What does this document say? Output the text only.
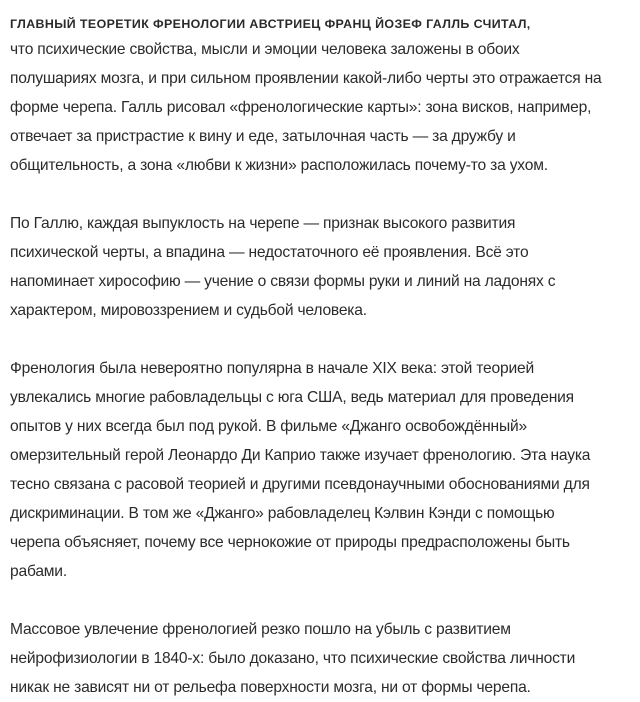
ГЛАВНЫЙ ТЕОРЕТИК ФРЕНОЛОГИИ АВСТРИЕЦ ФРАНЦ ЙОЗЕФ ГАЛЛЬ СЧИТАЛ,

что психические свойства, мысли и эмоции человека заложены в обоих
полушариях мозга, и при сильном проявлении какой-либо черты это отражается на
форме черепа. Галль рисовал «френологические карты»: зона висков, например,
отвечает за пристрастие к вину и еде, затылочная часть — за дружбу и
общительность, а зона «любви к жизни» расположилась почему-то за ухом.

По Галлю, каждая выпуклость на черепе — признак высокого развития
психической черты, а впадина — недостаточного её проявления. Всё это
напоминает хирософию — учение о связи формы руки и линий на ладонях с
характером, мировоззрением и судьбой человека.

Френология была невероятно популярна в начале XIX века: этой теорией
увлекались многие рабовладельцы с юга США, ведь материал для проведения
опытов у них всегда был под рукой. В фильме «Джанго освобождённый»
омерзительный герой Леонардо Ди Каприо также изучает френологию. Эта наука
тесно связана с расовой теорией и другими псевдонаучными обоснованиями для
дискриминации. В том же «Джанго» рабовладелец Кэлвин Кэнди с помощью
черепа объясняет, почему все чернокожие от природы предрасположены быть
рабами.

Массовое увлечение френологией резко пошло на убыль с развитием
нейрофизиологии в 1840-х: было доказано, что психические свойства личности
никак не зависят ни от рельефа поверхности мозга, ни от формы черепа.
